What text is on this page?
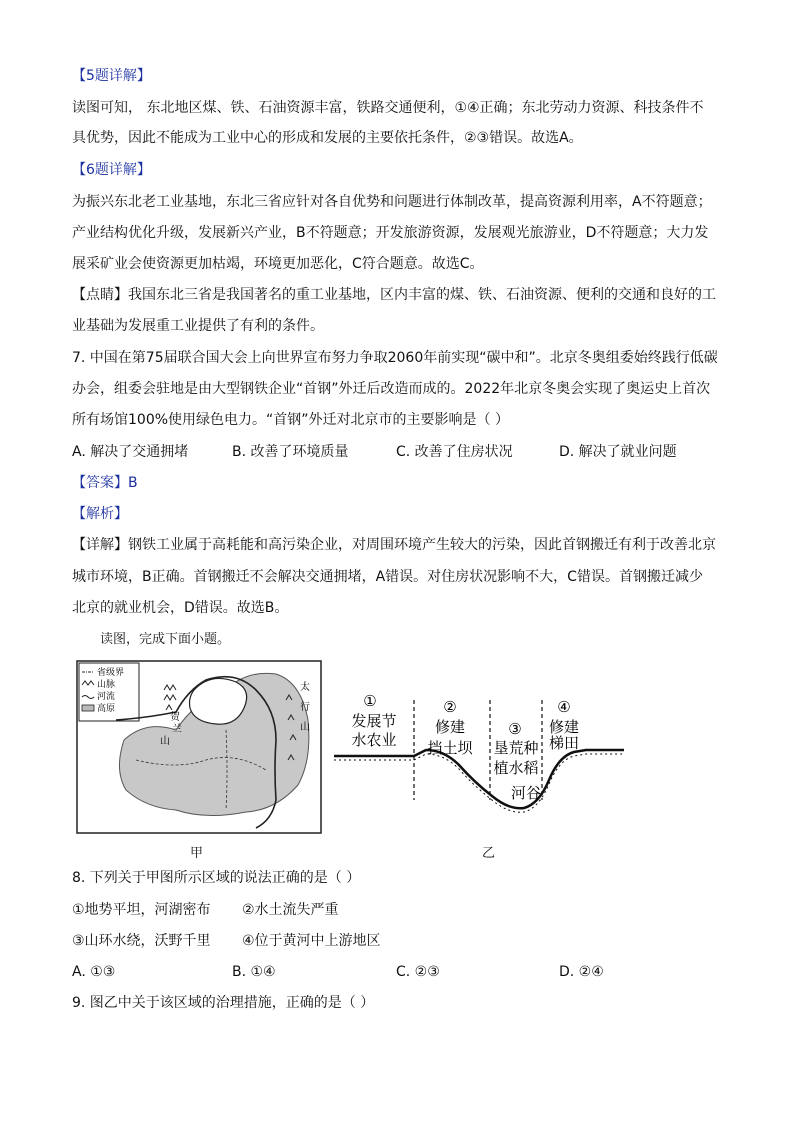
【5题详解】
读图可知， 东北地区煤、铁、石油资源丰富，铁路交通便利，①④正确；东北劳动力资源、科技条件不
具优势，因此不能成为工业中心的形成和发展的主要依托条件，②③错误。故选A。
【6题详解】
为振兴东北老工业基地，东北三省应针对各自优势和问题进行体制改革，提高资源利用率，A不符题意；
产业结构优化升级，发展新兴产业，B不符题意；开发旅游资源，发展观光旅游业，D不符题意；大力发
展采矿业会使资源更加枯竭，环境更加恶化，C符合题意。故选C。
【点睛】我国东北三省是我国著名的重工业基地，区内丰富的煤、铁、石油资源、便利的交通和良好的工
业基础为发展重工业提供了有利的条件。
7. 中国在第75届联合国大会上向世界宣布努力争取2060年前实现“碳中和”。北京冬奥组委始终践行低碳
办会，组委会驻地是由大型钢铁企业“首钢”外迁后改造而成的。2022年北京冬奥会实现了奥运史上首次
所有场馆100%使用绿色电力。“首钢”外迁对北京市的主要影响是（ ）
A. 解决了交通拥堵	B. 改善了环境质量	C. 改善了住房状况	D. 解决了就业问题
【答案】B
【解析】
【详解】钢铁工业属于高耗能和高污染企业，对周围环境产生较大的污染，因此首钢搬迁有利于改善北京
城市环境，B正确。首钢搬迁不会解决交通拥堵，A错误。对住房状况影响不大，C错误。首钢搬迁减少
北京的就业机会，D错误。故选B。
读图，完成下面小题。
省级界
山脉
河流
高原
贺
兰
山
太
行
山
甲
①	②
③
④
发展节
水农业
修建
挡土坝 垦荒种
植水稻
修建
梯田
河谷
乙
8. 下列关于甲图所示区域的说法正确的是（ ）
①地势平坦，河湖密布 ②水土流失严重
③山环水绕，沃野千里 ④位于黄河中上游地区
A. ①③	B. ①④	C. ②③	D. ②④
9. 图乙中关于该区域的治理措施，正确的是（ ）
